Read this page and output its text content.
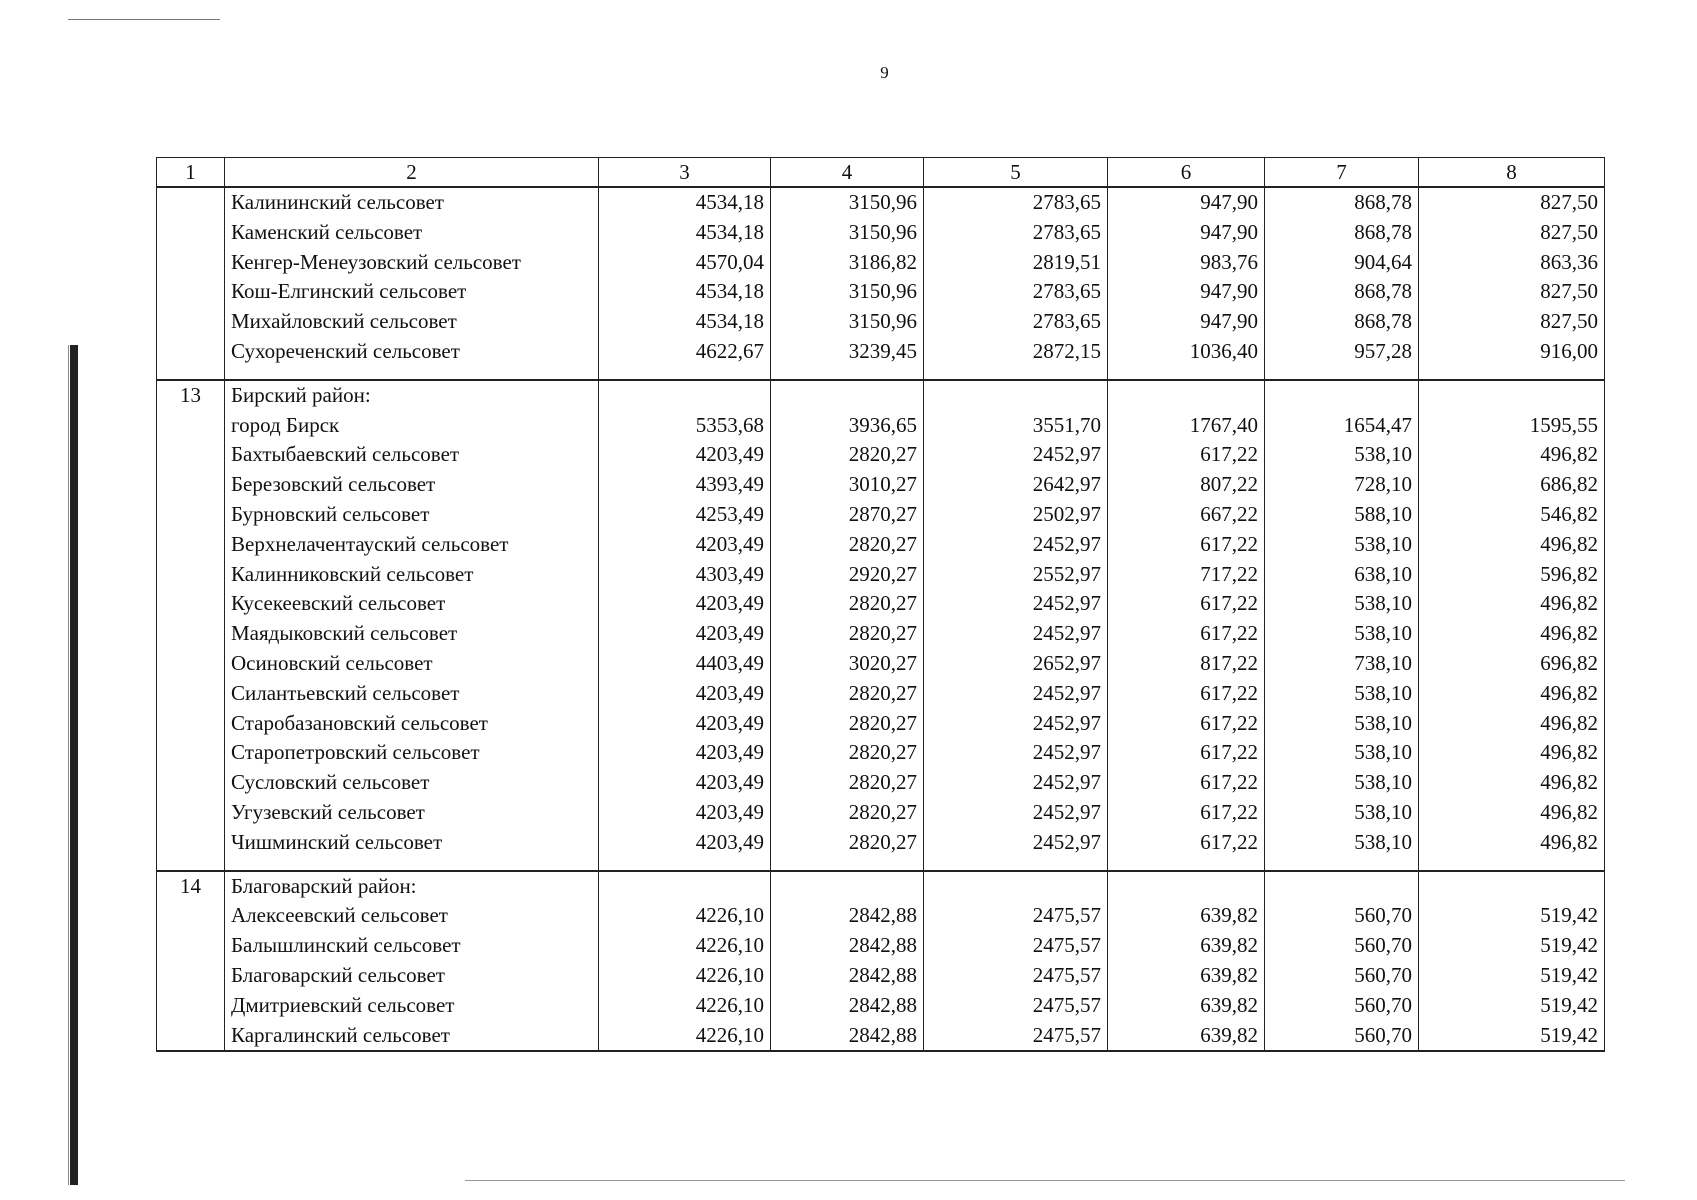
9
1	2	3	4	5	6	7	8
	Калининский сельсовет	4534,18	3150,96	2783,65	947,90	868,78	827,50
	Каменский сельсовет	4534,18	3150,96	2783,65	947,90	868,78	827,50
	Кенгер-Менеузовский сельсовет	4570,04	3186,82	2819,51	983,76	904,64	863,36
	Кош-Елгинский сельсовет	4534,18	3150,96	2783,65	947,90	868,78	827,50
	Михайловский сельсовет	4534,18	3150,96	2783,65	947,90	868,78	827,50
	Сухореченский сельсовет	4622,67	3239,45	2872,15	1036,40	957,28	916,00

13	Бирский район:						
	город Бирск	5353,68	3936,65	3551,70	1767,40	1654,47	1595,55
	Бахтыбаевский сельсовет	4203,49	2820,27	2452,97	617,22	538,10	496,82
	Березовский сельсовет	4393,49	3010,27	2642,97	807,22	728,10	686,82
	Бурновский сельсовет	4253,49	2870,27	2502,97	667,22	588,10	546,82
	Верхнелачентауский сельсовет	4203,49	2820,27	2452,97	617,22	538,10	496,82
	Калинниковский сельсовет	4303,49	2920,27	2552,97	717,22	638,10	596,82
	Кусекеевский сельсовет	4203,49	2820,27	2452,97	617,22	538,10	496,82
	Маядыковский сельсовет	4203,49	2820,27	2452,97	617,22	538,10	496,82
	Осиновский сельсовет	4403,49	3020,27	2652,97	817,22	738,10	696,82
	Силантьевский сельсовет	4203,49	2820,27	2452,97	617,22	538,10	496,82
	Старобазановский сельсовет	4203,49	2820,27	2452,97	617,22	538,10	496,82
	Старопетровский сельсовет	4203,49	2820,27	2452,97	617,22	538,10	496,82
	Сусловский сельсовет	4203,49	2820,27	2452,97	617,22	538,10	496,82
	Угузевский сельсовет	4203,49	2820,27	2452,97	617,22	538,10	496,82
	Чишминский сельсовет	4203,49	2820,27	2452,97	617,22	538,10	496,82

14	Благоварский район:						
	Алексеевский сельсовет	4226,10	2842,88	2475,57	639,82	560,70	519,42
	Балышлинский сельсовет	4226,10	2842,88	2475,57	639,82	560,70	519,42
	Благоварский сельсовет	4226,10	2842,88	2475,57	639,82	560,70	519,42
	Дмитриевский сельсовет	4226,10	2842,88	2475,57	639,82	560,70	519,42
	Каргалинский сельсовет	4226,10	2842,88	2475,57	639,82	560,70	519,42
